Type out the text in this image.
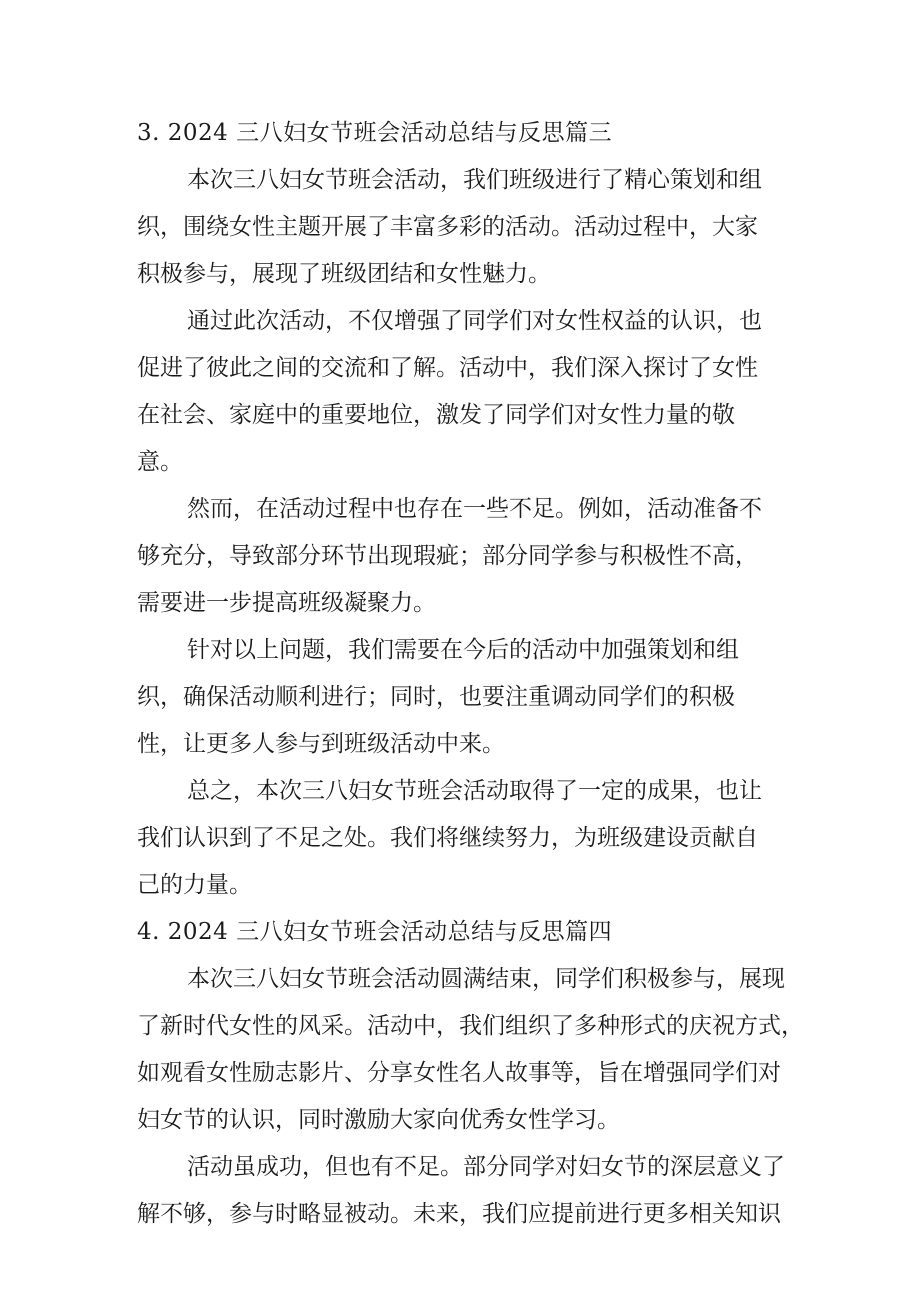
3. 2024 三八妇女节班会活动总结与反思篇三
本次三八妇女节班会活动，我们班级进行了精心策划和组
织，围绕女性主题开展了丰富多彩的活动。活动过程中，大家
积极参与，展现了班级团结和女性魅力。
通过此次活动，不仅增强了同学们对女性权益的认识，也
促进了彼此之间的交流和了解。活动中，我们深入探讨了女性
在社会、家庭中的重要地位，激发了同学们对女性力量的敬
意。
然而，在活动过程中也存在一些不足。例如，活动准备不
够充分，导致部分环节出现瑕疵；部分同学参与积极性不高，
需要进一步提高班级凝聚力。
针对以上问题，我们需要在今后的活动中加强策划和组
织，确保活动顺利进行；同时，也要注重调动同学们的积极
性，让更多人参与到班级活动中来。
总之，本次三八妇女节班会活动取得了一定的成果，也让
我们认识到了不足之处。我们将继续努力，为班级建设贡献自
己的力量。
4. 2024 三八妇女节班会活动总结与反思篇四
本次三八妇女节班会活动圆满结束，同学们积极参与，展现
了新时代女性的风采。活动中，我们组织了多种形式的庆祝方式，
如观看女性励志影片、分享女性名人故事等，旨在增强同学们对
妇女节的认识，同时激励大家向优秀女性学习。
活动虽成功，但也有不足。部分同学对妇女节的深层意义了
解不够，参与时略显被动。未来，我们应提前进行更多相关知识
